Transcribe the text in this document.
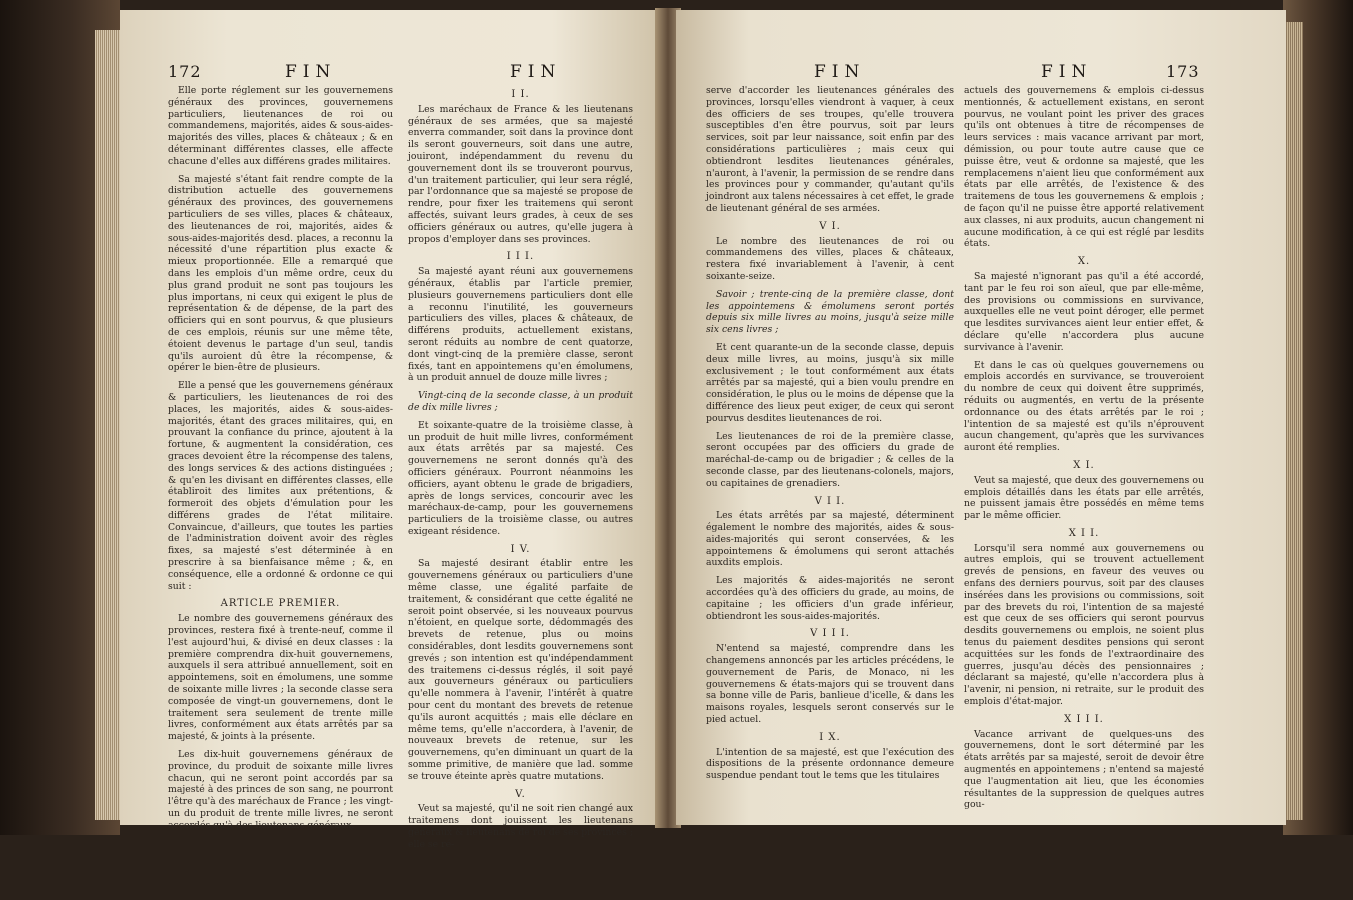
172	FIN	FIN

Elle porte réglement sur les gouvernemens généraux des provinces, gouvernemens particuliers, lieutenances de roi ou commandemens, majorités, aides & sous-aides-majorités des villes, places & châteaux ; & en déterminant différentes classes, elle affecte chacune d'elles aux différens grades militaires.

Sa majesté s'étant fait rendre compte de la distribution actuelle des gouvernemens généraux des provinces, des gouvernemens particuliers de ses villes, places & châteaux, des lieutenances de roi, majorités, aides & sous-aides-majorités desd. places, a reconnu la nécessité d'une répartition plus exacte & mieux proportionnée. Elle a remarqué que dans les emplois d'un même ordre, ceux du plus grand produit ne sont pas toujours les plus importans, ni ceux qui exigent le plus de représentation & de dépense, de la part des officiers qui en sont pourvus, & que plusieurs de ces emplois, réunis sur une même tête, étoient devenus le partage d'un seul, tandis qu'ils auroient dû être la récompense, & opérer le bien-être de plusieurs.

Elle a pensé que les gouvernemens généraux & particuliers, les lieutenances de roi des places, les majorités, aides & sous-aides-majorités, étant des graces militaires, qui, en prouvant la confiance du prince, ajoutent à la fortune, & augmentent la considération, ces graces devoient être la récompense des talens, des longs services & des actions distinguées ; & qu'en les divisant en différentes classes, elle établiroit des limites aux prétentions, & formeroit des objets d'émulation pour les différens grades de l'état militaire. Convaincue, d'ailleurs, que toutes les parties de l'administration doivent avoir des règles fixes, sa majesté s'est déterminée à en prescrire à sa bienfaisance même ; &, en conséquence, elle a ordonné & ordonne ce qui suit :

ARTICLE PREMIER.

Le nombre des gouvernemens généraux des provinces, restera fixé à trente-neuf, comme il l'est aujourd'hui, & divisé en deux classes : la première comprendra dix-huit gouvernemens, auxquels il sera attribué annuellement, soit en appointemens, soit en émolumens, une somme de soixante mille livres ; la seconde classe sera composée de vingt-un gouvernemens, dont le traitement sera seulement de trente mille livres, conformément aux états arrêtés par sa majesté, & joints à la présente.

Les dix-huit gouvernemens généraux de province, du produit de soixante mille livres chacun, qui ne seront point accordés par sa majesté à des princes de son sang, ne pourront l'être qu'à des maréchaux de France ; les vingt-un du produit de trente mille livres, ne seront accordés qu'à des lieutenans généraux.

I I.

Les maréchaux de France & les lieutenans généraux de ses armées, que sa majesté enverra commander, soit dans la province dont ils seront gouverneurs, soit dans une autre, jouiront, indépendamment du revenu du gouvernement dont ils se trouveront pourvus, d'un traitement particulier, qui leur sera réglé, par l'ordonnance que sa majesté se propose de rendre, pour fixer les traitemens qui seront affectés, suivant leurs grades, à ceux de ses officiers généraux ou autres, qu'elle jugera à propos d'employer dans ses provinces.

I I I.

Sa majesté ayant réuni aux gouvernemens généraux, établis par l'article premier, plusieurs gouvernemens particuliers dont elle a reconnu l'inutilité, les gouverneurs particuliers des villes, places & châteaux, de différens produits, actuellement existans, seront réduits au nombre de cent quatorze, dont vingt-cinq de la première classe, seront fixés, tant en appointemens qu'en émolumens, à un produit annuel de douze mille livres ;

Vingt-cinq de la seconde classe, à un produit de dix mille livres ;

Et soixante-quatre de la troisième classe, à un produit de huit mille livres, conformément aux états arrêtés par sa majesté. Ces gouvernemens ne seront donnés qu'à des officiers généraux. Pourront néanmoins les officiers, ayant obtenu le grade de brigadiers, après de longs services, concourir avec les maréchaux-de-camp, pour les gouvernemens particuliers de la troisième classe, ou autres exigeant résidence.

I V.

Sa majesté desirant établir entre les gouvernemens généraux ou particuliers d'une même classe, une égalité parfaite de traitement, & considérant que cette égalité ne seroit point observée, si les nouveaux pourvus n'étoient, en quelque sorte, dédommagés des brevets de retenue, plus ou moins considérables, dont lesdits gouvernemens sont grevés ; son intention est qu'indépendamment des traitemens ci-dessus réglés, il soit payé aux gouverneurs généraux ou particuliers qu'elle nommera à l'avenir, l'intérêt à quatre pour cent du montant des brevets de retenue qu'ils auront acquittés ; mais elle déclare en même tems, qu'elle n'accordera, à l'avenir, de nouveaux brevets de retenue, sur les gouvernemens, qu'en diminuant un quart de la somme primitive, de manière que lad. somme se trouve éteinte après quatre mutations.

V.

Veut sa majesté, qu'il ne soit rien changé aux traitemens dont jouissent les lieutenans généraux & lieutenans de roi de ses provinces ; elle se ré-

FIN	FIN	173

serve d'accorder les lieutenances générales des provinces, lorsqu'elles viendront à vaquer, à ceux des officiers de ses troupes, qu'elle trouvera susceptibles d'en être pourvus, soit par leurs services, soit par leur naissance, soit enfin par des considérations particulières ; mais ceux qui obtiendront lesdites lieutenances générales, n'auront, à l'avenir, la permission de se rendre dans les provinces pour y commander, qu'autant qu'ils joindront aux talens nécessaires à cet effet, le grade de lieutenant général de ses armées.

V I.

Le nombre des lieutenances de roi ou commandemens des villes, places & châteaux, restera fixé invariablement à l'avenir, à cent soixante-seize.

Savoir ; trente-cinq de la première classe, dont les appointemens & émolumens seront portés depuis six mille livres au moins, jusqu'à seize mille six cens livres ;

Et cent quarante-un de la seconde classe, depuis deux mille livres, au moins, jusqu'à six mille exclusivement ; le tout conformément aux états arrêtés par sa majesté, qui a bien voulu prendre en considération, le plus ou le moins de dépense que la différence des lieux peut exiger, de ceux qui seront pourvus desdites lieutenances de roi.

Les lieutenances de roi de la première classe, seront occupées par des officiers du grade de maréchal-de-camp ou de brigadier ; & celles de la seconde classe, par des lieutenans-colonels, majors, ou capitaines de grenadiers.

V I I.

Les états arrêtés par sa majesté, déterminent également le nombre des majorités, aides & sous-aides-majorités qui seront conservées, & les appointemens & émolumens qui seront attachés auxdits emplois.

Les majorités & aides-majorités ne seront accordées qu'à des officiers du grade, au moins, de capitaine ; les officiers d'un grade inférieur, obtiendront les sous-aides-majorités.

V I I I.

N'entend sa majesté, comprendre dans les changemens annoncés par les articles précédens, le gouvernement de Paris, de Monaco, ni les gouvernemens & états-majors qui se trouvent dans sa bonne ville de Paris, banlieue d'icelle, & dans les maisons royales, lesquels seront conservés sur le pied actuel.

I X.

L'intention de sa majesté, est que l'exécution des dispositions de la présente ordonnance demeure suspendue pendant tout le tems que les titulaires

actuels des gouvernemens & emplois ci-dessus mentionnés, & actuellement existans, en seront pourvus, ne voulant point les priver des graces qu'ils ont obtenues à titre de récompenses de leurs services : mais vacance arrivant par mort, démission, ou pour toute autre cause que ce puisse être, veut & ordonne sa majesté, que les remplacemens n'aient lieu que conformément aux états par elle arrêtés, de l'existence & des traitemens de tous les gouvernemens & emplois ; de façon qu'il ne puisse être apporté relativement aux classes, ni aux produits, aucun changement ni aucune modification, à ce qui est réglé par lesdits états.

X.

Sa majesté n'ignorant pas qu'il a été accordé, tant par le feu roi son aïeul, que par elle-même, des provisions ou commissions en survivance, auxquelles elle ne veut point déroger, elle permet que lesdites survivances aient leur entier effet, & déclare qu'elle n'accordera plus aucune survivance à l'avenir.

Et dans le cas où quelques gouvernemens ou emplois accordés en survivance, se trouveroient du nombre de ceux qui doivent être supprimés, réduits ou augmentés, en vertu de la présente ordonnance ou des états arrêtés par le roi ; l'intention de sa majesté est qu'ils n'éprouvent aucun changement, qu'après que les survivances auront été remplies.

X I.

Veut sa majesté, que deux des gouvernemens ou emplois détaillés dans les états par elle arrêtés, ne puissent jamais être possédés en même tems par le même officier.

X I I.

Lorsqu'il sera nommé aux gouvernemens ou autres emplois, qui se trouvent actuellement grevés de pensions, en faveur des veuves ou enfans des derniers pourvus, soit par des clauses insérées dans les provisions ou commissions, soit par des brevets du roi, l'intention de sa majesté est que ceux de ses officiers qui seront pourvus desdits gouvernemens ou emplois, ne soient plus tenus du paiement desdites pensions qui seront acquittées sur les fonds de l'extraordinaire des guerres, jusqu'au décès des pensionnaires ; déclarant sa majesté, qu'elle n'accordera plus à l'avenir, ni pension, ni retraite, sur le produit des emplois d'état-major.

X I I I.

Vacance arrivant de quelques-uns des gouvernemens, dont le sort déterminé par les états arrêtés par sa majesté, seroit de devoir être augmentés en appointemens ; n'entend sa majesté que l'augmentation ait lieu, que les économies résultantes de la suppression de quelques autres gou-
